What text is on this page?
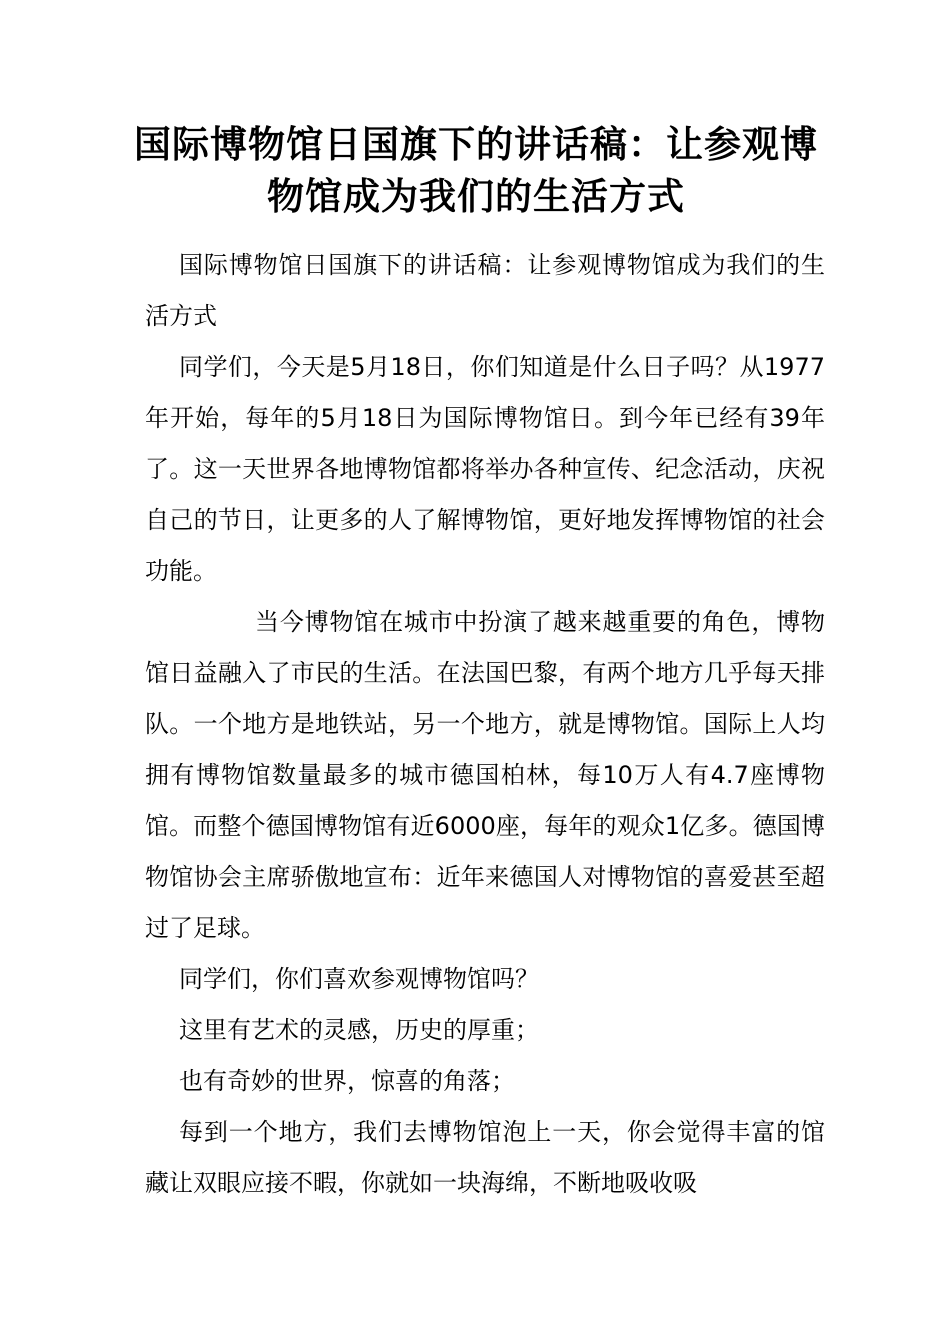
国际博物馆日国旗下的讲话稿：让参观博物馆成为我们的生活方式

国际博物馆日国旗下的讲话稿：让参观博物馆成为我们的生活方式

同学们，今天是5月18日，你们知道是什么日子吗？从1977年开始，每年的5月18日为国际博物馆日。到今年已经有39年了。这一天世界各地博物馆都将举办各种宣传、纪念活动，庆祝自己的节日，让更多的人了解博物馆，更好地发挥博物馆的社会功能。

当今博物馆在城市中扮演了越来越重要的角色，博物馆日益融入了市民的生活。在法国巴黎，有两个地方几乎每天排队。一个地方是地铁站，另一个地方，就是博物馆。国际上人均拥有博物馆数量最多的城市德国柏林，每10万人有4.7座博物馆。而整个德国博物馆有近6000座，每年的观众1亿多。德国博物馆协会主席骄傲地宣布：近年来德国人对博物馆的喜爱甚至超过了足球。

同学们，你们喜欢参观博物馆吗？

这里有艺术的灵感，历史的厚重；

也有奇妙的世界，惊喜的角落；

每到一个地方，我们去博物馆泡上一天，你会觉得丰富的馆藏让双眼应接不暇，你就如一块海绵，不断地吸收吸
